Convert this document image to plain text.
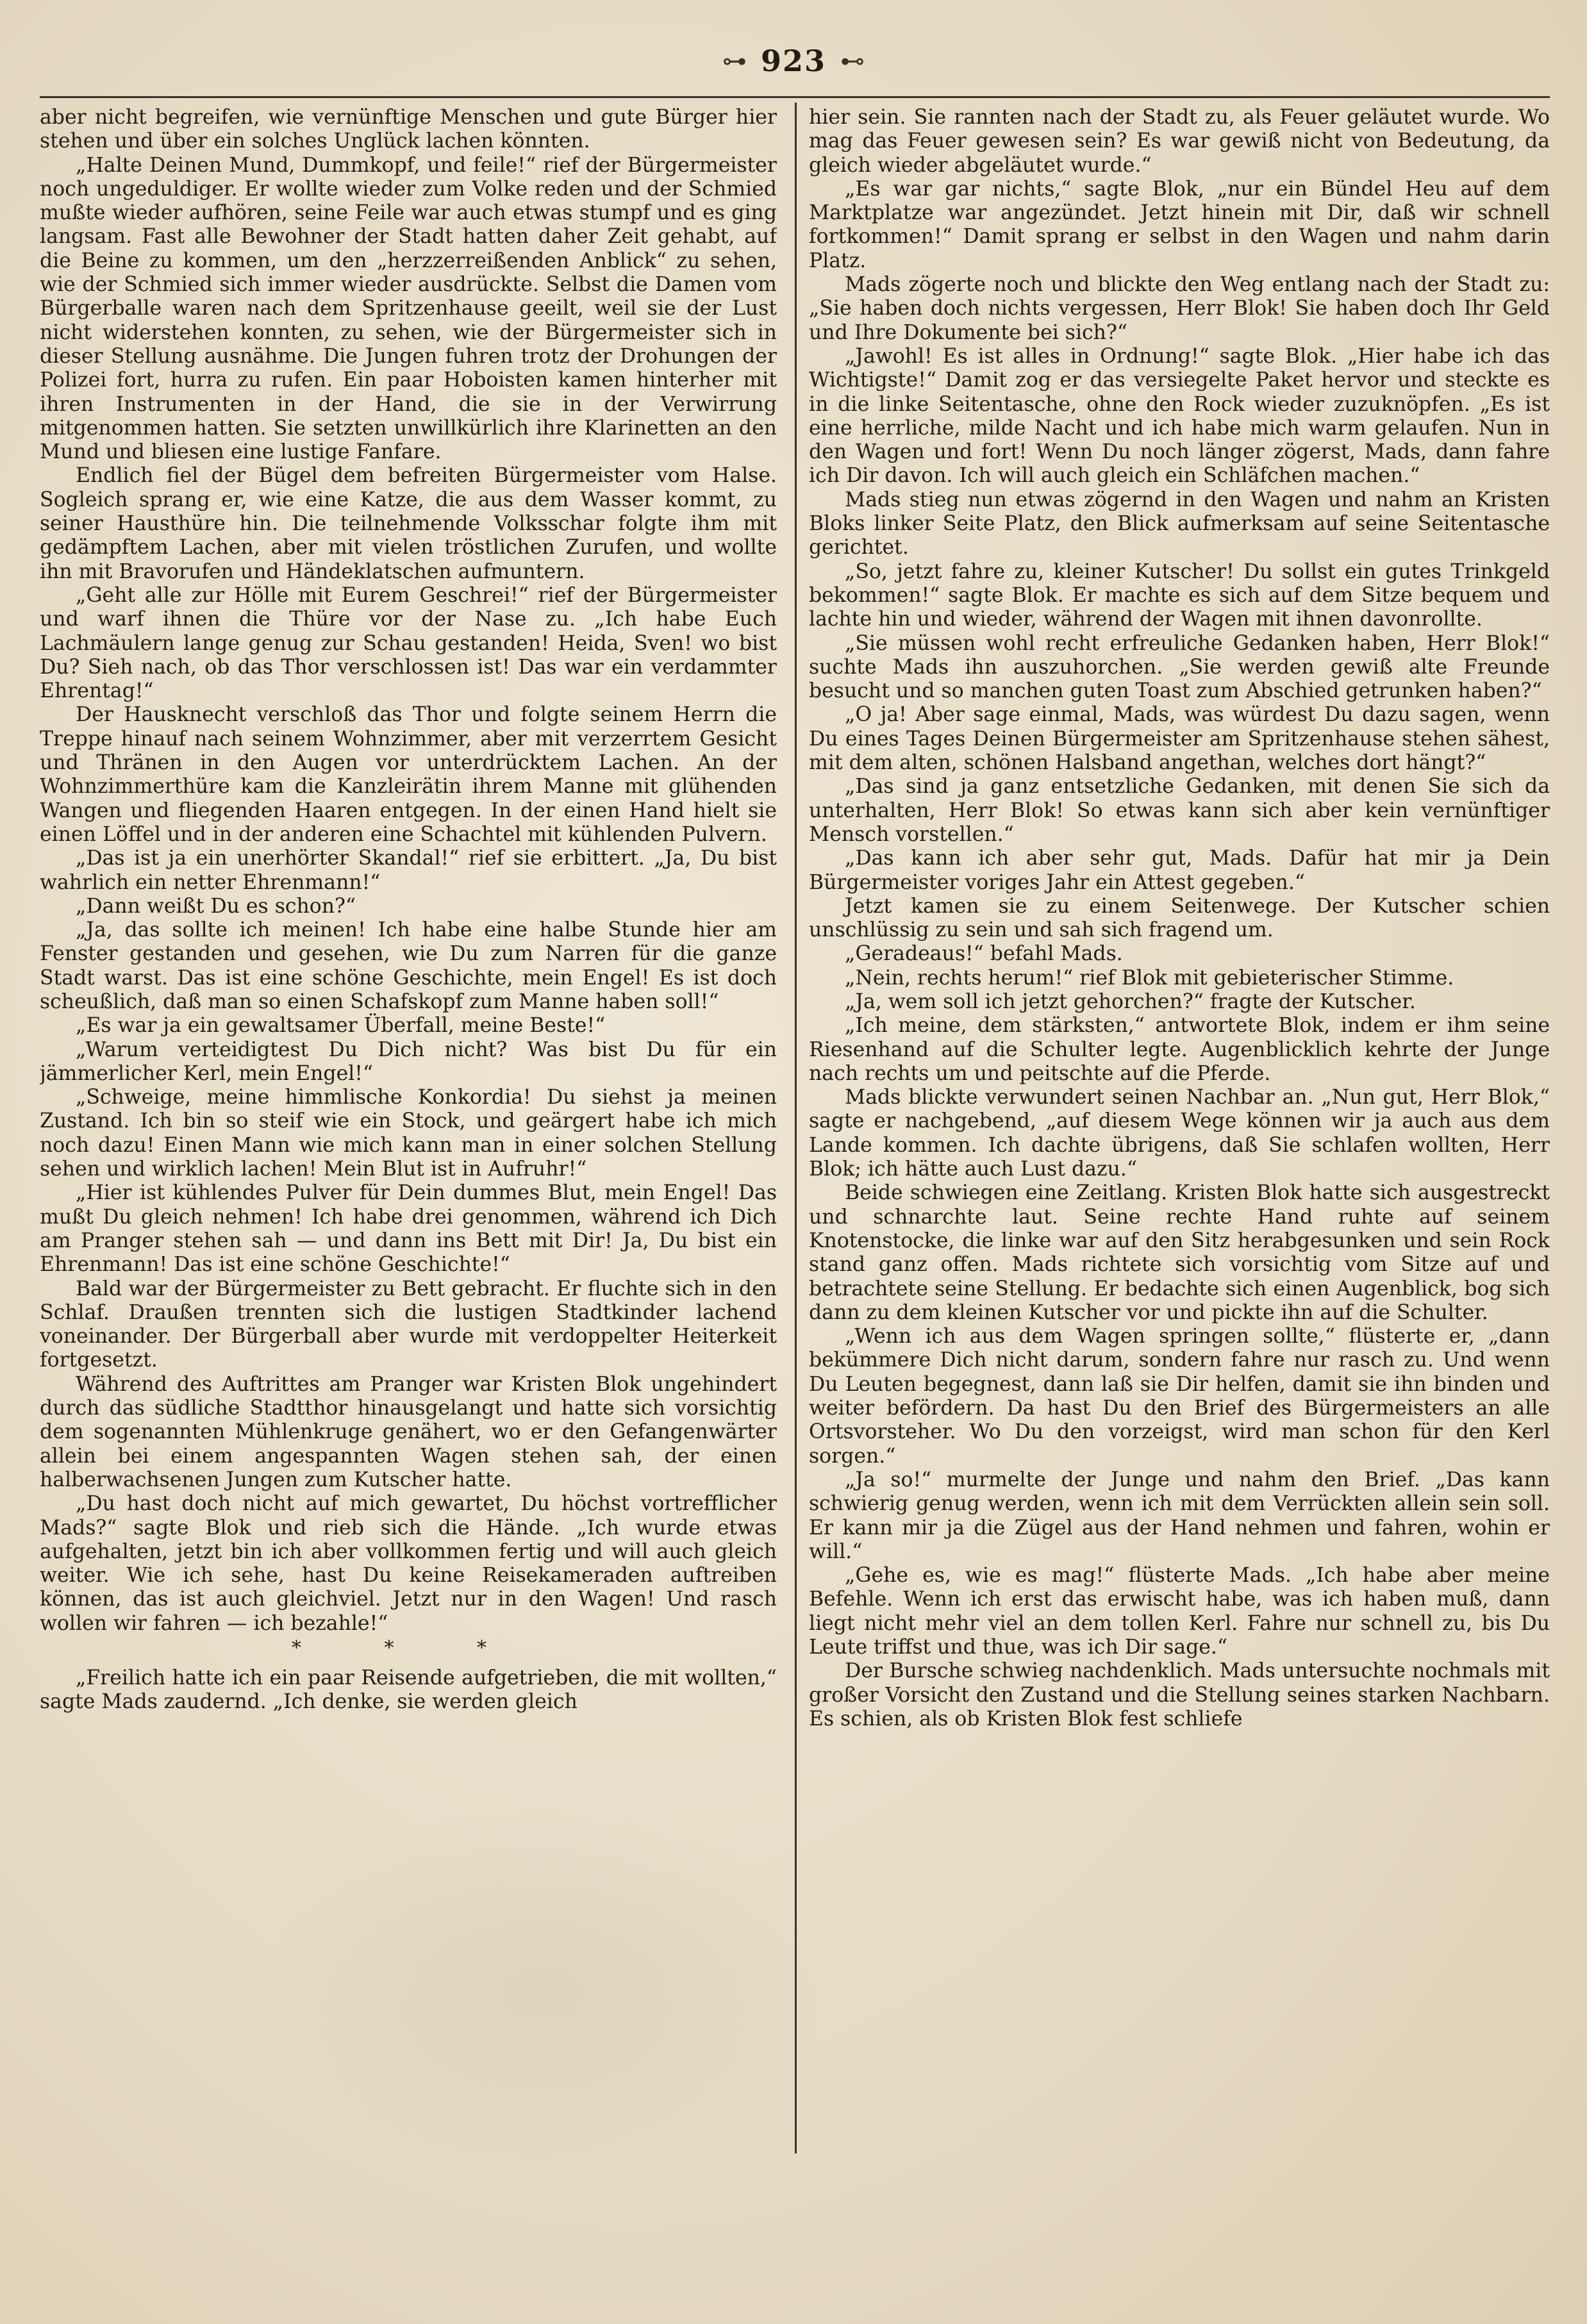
⊶ 923 ⊷

aber nicht begreifen, wie vernünftige Menschen und gute Bürger hier stehen und über ein solches Unglück lachen könnten.

„Halte Deinen Mund, Dummkopf, und feile!“ rief der Bürgermeister noch ungeduldiger. Er wollte wieder zum Volke reden und der Schmied mußte wieder aufhören, seine Feile war auch etwas stumpf und es ging langsam. Fast alle Bewohner der Stadt hatten daher Zeit gehabt, auf die Beine zu kommen, um den „herzzerreißenden Anblick“ zu sehen, wie der Schmied sich immer wieder ausdrückte. Selbst die Damen vom Bürgerballe waren nach dem Spritzenhause geeilt, weil sie der Lust nicht widerstehen konnten, zu sehen, wie der Bürgermeister sich in dieser Stellung ausnähme. Die Jungen fuhren trotz der Drohungen der Polizei fort, hurra zu rufen. Ein paar Hoboisten kamen hinterher mit ihren Instrumenten in der Hand, die sie in der Verwirrung mitgenommen hatten. Sie setzten unwillkürlich ihre Klarinetten an den Mund und bliesen eine lustige Fanfare.

Endlich fiel der Bügel dem befreiten Bürgermeister vom Halse. Sogleich sprang er, wie eine Katze, die aus dem Wasser kommt, zu seiner Hausthüre hin. Die teilnehmende Volksschar folgte ihm mit gedämpftem Lachen, aber mit vielen tröstlichen Zurufen, und wollte ihn mit Bravorufen und Händeklatschen aufmuntern.

„Geht alle zur Hölle mit Eurem Geschrei!“ rief der Bürgermeister und warf ihnen die Thüre vor der Nase zu. „Ich habe Euch Lachmäulern lange genug zur Schau gestanden! Heida, Sven! wo bist Du? Sieh nach, ob das Thor verschlossen ist! Das war ein verdammter Ehrentag!“

Der Hausknecht verschloß das Thor und folgte seinem Herrn die Treppe hinauf nach seinem Wohnzimmer, aber mit verzerrtem Gesicht und Thränen in den Augen vor unterdrücktem Lachen. An der Wohnzimmerthüre kam die Kanzleirätin ihrem Manne mit glühenden Wangen und fliegenden Haaren entgegen. In der einen Hand hielt sie einen Löffel und in der anderen eine Schachtel mit kühlenden Pulvern.

„Das ist ja ein unerhörter Skandal!“ rief sie erbittert. „Ja, Du bist wahrlich ein netter Ehrenmann!“

„Dann weißt Du es schon?“

„Ja, das sollte ich meinen! Ich habe eine halbe Stunde hier am Fenster gestanden und gesehen, wie Du zum Narren für die ganze Stadt warst. Das ist eine schöne Geschichte, mein Engel! Es ist doch scheußlich, daß man so einen Schafskopf zum Manne haben soll!“

„Es war ja ein gewaltsamer Überfall, meine Beste!“

„Warum verteidigtest Du Dich nicht? Was bist Du für ein jämmerlicher Kerl, mein Engel!“

„Schweige, meine himmlische Konkordia! Du siehst ja meinen Zustand. Ich bin so steif wie ein Stock, und geärgert habe ich mich noch dazu! Einen Mann wie mich kann man in einer solchen Stellung sehen und wirklich lachen! Mein Blut ist in Aufruhr!“

„Hier ist kühlendes Pulver für Dein dummes Blut, mein Engel! Das mußt Du gleich nehmen! Ich habe drei genommen, während ich Dich am Pranger stehen sah — und dann ins Bett mit Dir! Ja, Du bist ein Ehrenmann! Das ist eine schöne Geschichte!“

Bald war der Bürgermeister zu Bett gebracht. Er fluchte sich in den Schlaf. Draußen trennten sich die lustigen Stadtkinder lachend voneinander. Der Bürgerball aber wurde mit verdoppelter Heiterkeit fortgesetzt.

Während des Auftrittes am Pranger war Kristen Blok ungehindert durch das südliche Stadtthor hinausgelangt und hatte sich vorsichtig dem sogenannten Mühlenkruge genähert, wo er den Gefangenwärter allein bei einem angespannten Wagen stehen sah, der einen halberwachsenen Jungen zum Kutscher hatte.

„Du hast doch nicht auf mich gewartet, Du höchst vortrefflicher Mads?“ sagte Blok und rieb sich die Hände. „Ich wurde etwas aufgehalten, jetzt bin ich aber vollkommen fertig und will auch gleich weiter. Wie ich sehe, hast Du keine Reisekameraden auftreiben können, das ist auch gleichviel. Jetzt nur in den Wagen! Und rasch wollen wir fahren — ich bezahle!“

* * *

„Freilich hatte ich ein paar Reisende aufgetrieben, die mit wollten,“ sagte Mads zaudernd. „Ich denke, sie werden gleich

hier sein. Sie rannten nach der Stadt zu, als Feuer geläutet wurde. Wo mag das Feuer gewesen sein? Es war gewiß nicht von Bedeutung, da gleich wieder abgeläutet wurde.“

„Es war gar nichts,“ sagte Blok, „nur ein Bündel Heu auf dem Marktplatze war angezündet. Jetzt hinein mit Dir, daß wir schnell fortkommen!“ Damit sprang er selbst in den Wagen und nahm darin Platz.

Mads zögerte noch und blickte den Weg entlang nach der Stadt zu: „Sie haben doch nichts vergessen, Herr Blok! Sie haben doch Ihr Geld und Ihre Dokumente bei sich?“

„Jawohl! Es ist alles in Ordnung!“ sagte Blok. „Hier habe ich das Wichtigste!“ Damit zog er das versiegelte Paket hervor und steckte es in die linke Seitentasche, ohne den Rock wieder zuzuknöpfen. „Es ist eine herrliche, milde Nacht und ich habe mich warm gelaufen. Nun in den Wagen und fort! Wenn Du noch länger zögerst, Mads, dann fahre ich Dir davon. Ich will auch gleich ein Schläfchen machen.“

Mads stieg nun etwas zögernd in den Wagen und nahm an Kristen Bloks linker Seite Platz, den Blick aufmerksam auf seine Seitentasche gerichtet.

„So, jetzt fahre zu, kleiner Kutscher! Du sollst ein gutes Trinkgeld bekommen!“ sagte Blok. Er machte es sich auf dem Sitze bequem und lachte hin und wieder, während der Wagen mit ihnen davonrollte.

„Sie müssen wohl recht erfreuliche Gedanken haben, Herr Blok!“ suchte Mads ihn auszuhorchen. „Sie werden gewiß alte Freunde besucht und so manchen guten Toast zum Abschied getrunken haben?“

„O ja! Aber sage einmal, Mads, was würdest Du dazu sagen, wenn Du eines Tages Deinen Bürgermeister am Spritzenhause stehen sähest, mit dem alten, schönen Halsband angethan, welches dort hängt?“

„Das sind ja ganz entsetzliche Gedanken, mit denen Sie sich da unterhalten, Herr Blok! So etwas kann sich aber kein vernünftiger Mensch vorstellen.“

„Das kann ich aber sehr gut, Mads. Dafür hat mir ja Dein Bürgermeister voriges Jahr ein Attest gegeben.“

Jetzt kamen sie zu einem Seitenwege. Der Kutscher schien unschlüssig zu sein und sah sich fragend um.

„Geradeaus!“ befahl Mads.

„Nein, rechts herum!“ rief Blok mit gebieterischer Stimme.

„Ja, wem soll ich jetzt gehorchen?“ fragte der Kutscher.

„Ich meine, dem stärksten,“ antwortete Blok, indem er ihm seine Riesenhand auf die Schulter legte. Augenblicklich kehrte der Junge nach rechts um und peitschte auf die Pferde.

Mads blickte verwundert seinen Nachbar an. „Nun gut, Herr Blok,“ sagte er nachgebend, „auf diesem Wege können wir ja auch aus dem Lande kommen. Ich dachte übrigens, daß Sie schlafen wollten, Herr Blok; ich hätte auch Lust dazu.“

Beide schwiegen eine Zeitlang. Kristen Blok hatte sich ausgestreckt und schnarchte laut. Seine rechte Hand ruhte auf seinem Knotenstocke, die linke war auf den Sitz herabgesunken und sein Rock stand ganz offen. Mads richtete sich vorsichtig vom Sitze auf und betrachtete seine Stellung. Er bedachte sich einen Augenblick, bog sich dann zu dem kleinen Kutscher vor und pickte ihn auf die Schulter.

„Wenn ich aus dem Wagen springen sollte,“ flüsterte er, „dann bekümmere Dich nicht darum, sondern fahre nur rasch zu. Und wenn Du Leuten begegnest, dann laß sie Dir helfen, damit sie ihn binden und weiter befördern. Da hast Du den Brief des Bürgermeisters an alle Ortsvorsteher. Wo Du den vorzeigst, wird man schon für den Kerl sorgen.“

„Ja so!“ murmelte der Junge und nahm den Brief. „Das kann schwierig genug werden, wenn ich mit dem Verrückten allein sein soll. Er kann mir ja die Zügel aus der Hand nehmen und fahren, wohin er will.“

„Gehe es, wie es mag!“ flüsterte Mads. „Ich habe aber meine Befehle. Wenn ich erst das erwischt habe, was ich haben muß, dann liegt nicht mehr viel an dem tollen Kerl. Fahre nur schnell zu, bis Du Leute triffst und thue, was ich Dir sage.“

Der Bursche schwieg nachdenklich. Mads untersuchte nochmals mit großer Vorsicht den Zustand und die Stellung seines starken Nachbarn. Es schien, als ob Kristen Blok fest schliefe
